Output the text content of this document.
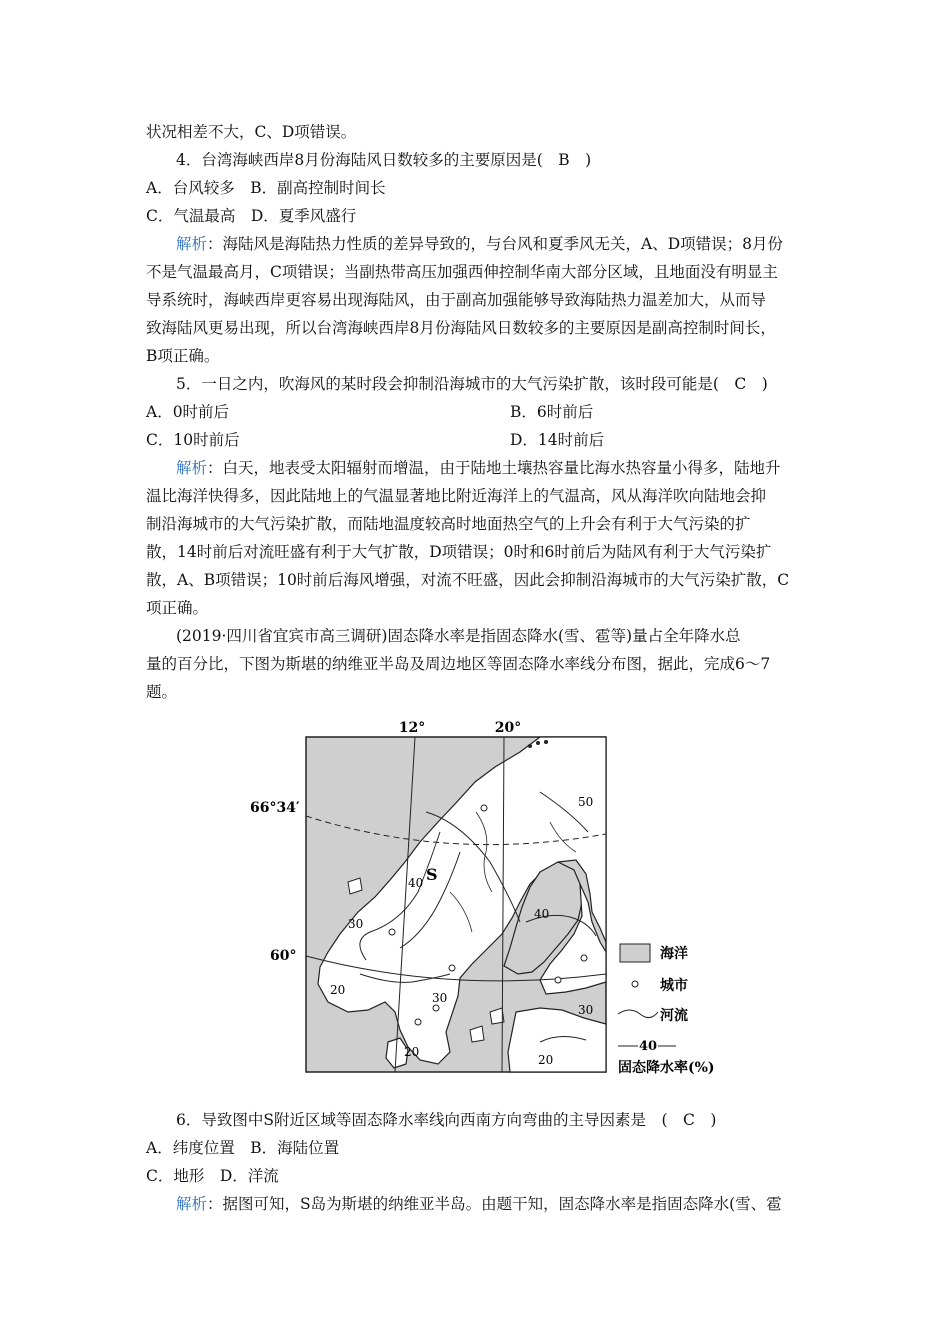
状况相差不大，C、D项错误。
4．台湾海峡西岸8月份海陆风日数较多的主要原因是(　B　)
A．台风较多　B．副高控制时间长
C．气温最高　D．夏季风盛行
解析：海陆风是海陆热力性质的差异导致的，与台风和夏季风无关，A、D项错误；8月份
不是气温最高月，C项错误；当副热带高压加强西伸控制华南大部分区域，且地面没有明显主
导系统时，海峡西岸更容易出现海陆风，由于副高加强能够导致海陆热力温差加大，从而导
致海陆风更易出现，所以台湾海峡西岸8月份海陆风日数较多的主要原因是副高控制时间长，
B项正确。
5．一日之内，吹海风的某时段会抑制沿海城市的大气污染扩散，该时段可能是(　C　)
A．0时前后	B．6时前后
C．10时前后	D．14时前后
解析：白天，地表受太阳辐射而增温，由于陆地土壤热容量比海水热容量小得多，陆地升
温比海洋快得多，因此陆地上的气温显著地比附近海洋上的气温高，风从海洋吹向陆地会抑
制沿海城市的大气污染扩散，而陆地温度较高时地面热空气的上升会有利于大气污染的扩
散，14时前后对流旺盛有利于大气扩散，D项错误；0时和6时前后为陆风有利于大气污染扩
散，A、B项错误；10时前后海风增强，对流不旺盛，因此会抑制沿海城市的大气污染扩散，C
项正确。
(2019·四川省宜宾市高三调研)固态降水率是指固态降水(雪、雹等)量占全年降水总
量的百分比，下图为斯堪的纳维亚半岛及周边地区等固态降水率线分布图，据此，完成6～7
题。
12°	20°
66°34′
60°
S
50
40
40
30
30
30
20
20
20
海洋
城市
河流
40
固态降水率(%)
6．导致图中S附近区域等固态降水率线向西南方向弯曲的主导因素是　(　C　)
A．纬度位置　B．海陆位置
C．地形　D．洋流
解析：据图可知，S岛为斯堪的纳维亚半岛。由题干知，固态降水率是指固态降水(雪、雹
